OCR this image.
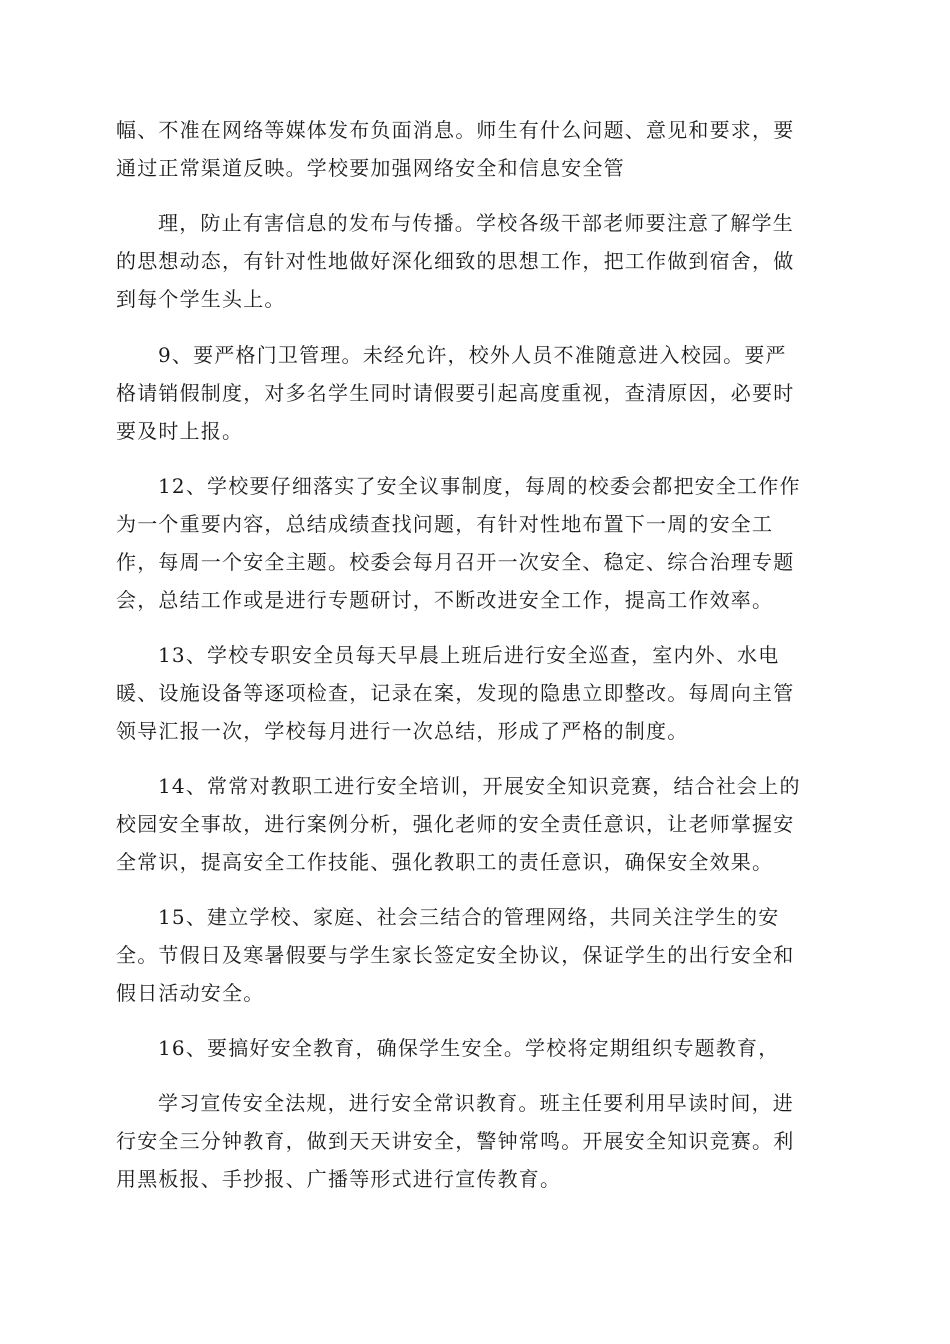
幅、不准在网络等媒体发布负面消息。师生有什么问题、意见和要求，要
通过正常渠道反映。学校要加强网络安全和信息安全管
理，防止有害信息的发布与传播。学校各级干部老师要注意了解学生
的思想动态，有针对性地做好深化细致的思想工作，把工作做到宿舍，做
到每个学生头上。
9、要严格门卫管理。未经允许，校外人员不准随意进入校园。要严
格请销假制度，对多名学生同时请假要引起高度重视，查清原因，必要时
要及时上报。
12、学校要仔细落实了安全议事制度，每周的校委会都把安全工作作
为一个重要内容，总结成绩查找问题，有针对性地布置下一周的安全工
作，每周一个安全主题。校委会每月召开一次安全、稳定、综合治理专题
会，总结工作或是进行专题研讨，不断改进安全工作，提高工作效率。
13、学校专职安全员每天早晨上班后进行安全巡查，室内外、水电
暖、设施设备等逐项检查，记录在案，发现的隐患立即整改。每周向主管
领导汇报一次，学校每月进行一次总结，形成了严格的制度。
14、常常对教职工进行安全培训，开展安全知识竞赛，结合社会上的
校园安全事故，进行案例分析，强化老师的安全责任意识，让老师掌握安
全常识，提高安全工作技能、强化教职工的责任意识，确保安全效果。
15、建立学校、家庭、社会三结合的管理网络，共同关注学生的安
全。节假日及寒暑假要与学生家长签定安全协议，保证学生的出行安全和
假日活动安全。
16、要搞好安全教育，确保学生安全。学校将定期组织专题教育，
学习宣传安全法规，进行安全常识教育。班主任要利用早读时间，进
行安全三分钟教育，做到天天讲安全，警钟常鸣。开展安全知识竞赛。利
用黑板报、手抄报、广播等形式进行宣传教育。
